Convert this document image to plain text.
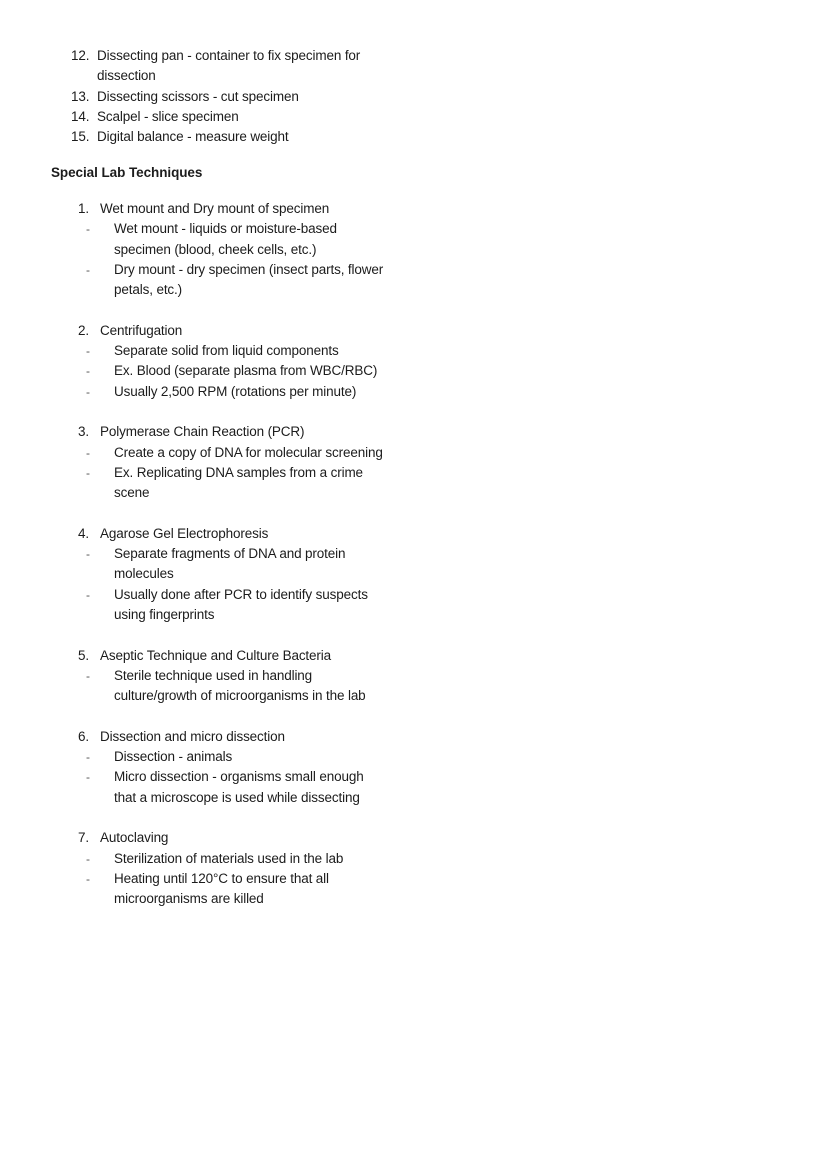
12. Dissecting pan - container to fix specimen for dissection
13. Dissecting scissors - cut specimen
14. Scalpel - slice specimen
15. Digital balance - measure weight
Special Lab Techniques
1. Wet mount and Dry mount of specimen
-	Wet mount - liquids or moisture-based specimen (blood, cheek cells, etc.)
-	Dry mount - dry specimen (insect parts, flower petals, etc.)
2. Centrifugation
-	Separate solid from liquid components
-	Ex. Blood (separate plasma from WBC/RBC)
-	Usually 2,500 RPM (rotations per minute)
3. Polymerase Chain Reaction (PCR)
-	Create a copy of DNA for molecular screening
-	Ex. Replicating DNA samples from a crime scene
4. Agarose Gel Electrophoresis
-	Separate fragments of DNA and protein molecules
-	Usually done after PCR to identify suspects using fingerprints
5. Aseptic Technique and Culture Bacteria
-	Sterile technique used in handling culture/growth of microorganisms in the lab
6. Dissection and micro dissection
-	Dissection - animals
-	Micro dissection - organisms small enough that a microscope is used while dissecting
7. Autoclaving
-	Sterilization of materials used in the lab
-	Heating until 120°C to ensure that all microorganisms are killed
